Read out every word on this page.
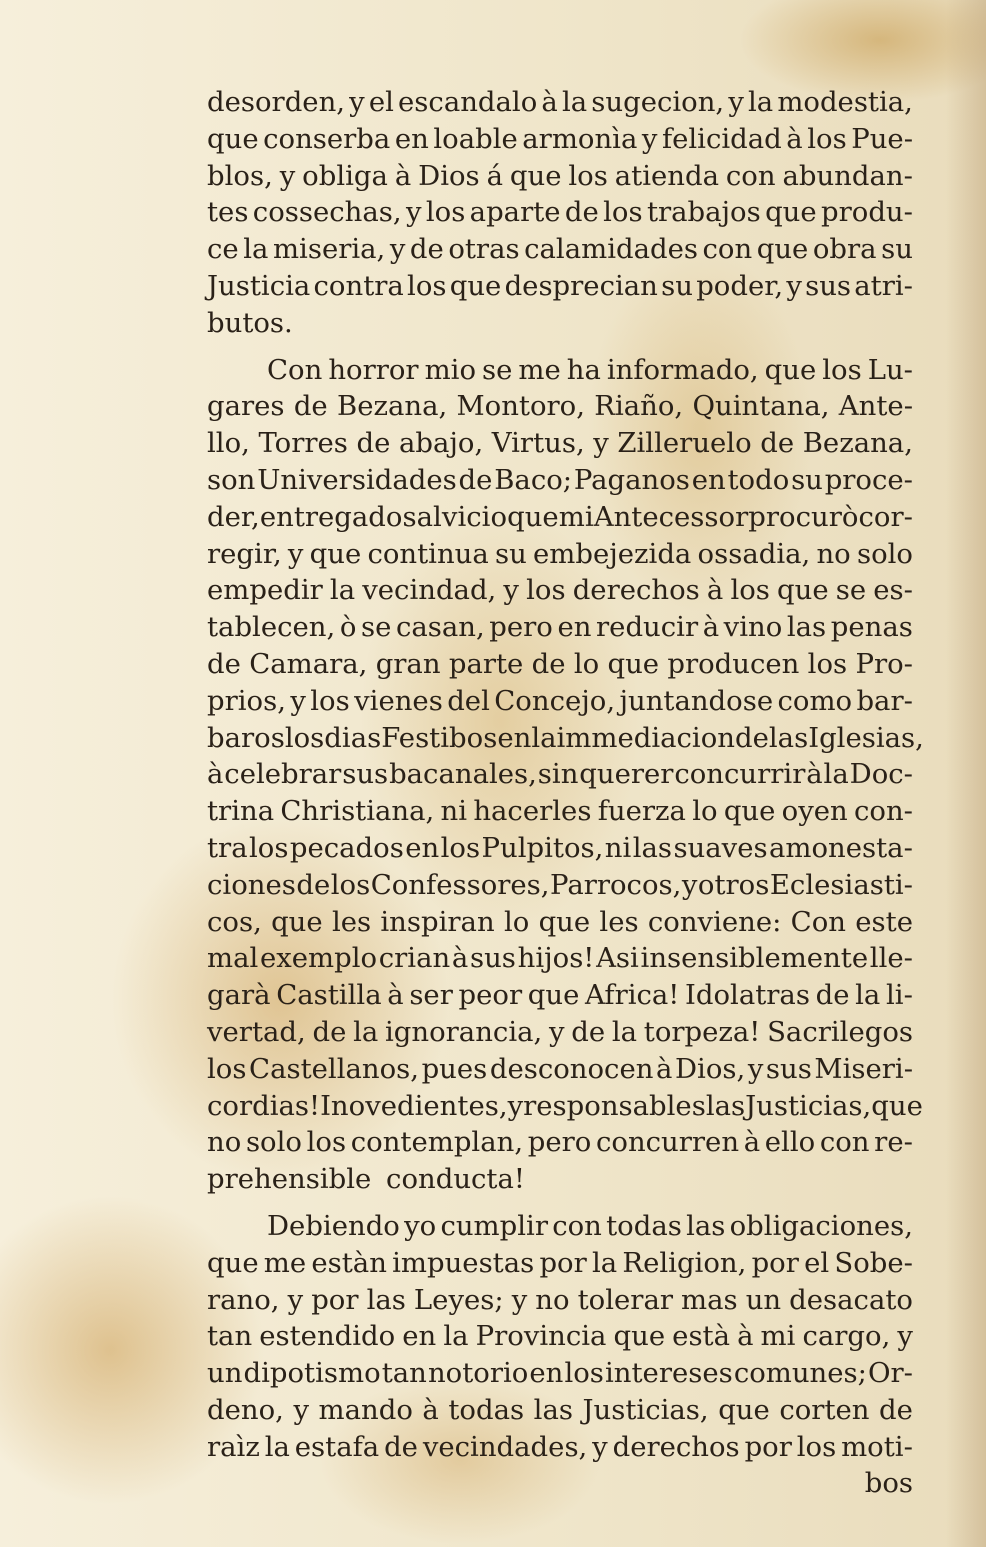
desorden, y el escandalo à la sugecion, y la modestia,
que conserba en loable armonìa y felicidad à los Pue-
blos, y obliga à Dios á que los atienda con abundan-
tes cossechas, y los aparte de los trabajos que produ-
ce la miseria, y de otras calamidades con que obra su
Justicia contra los que desprecian su poder, y sus atri-
butos.
Con horror mio se me ha informado, que los Lu-
gares de Bezana, Montoro, Riaño, Quintana, Ante-
llo, Torres de abajo, Virtus, y Zilleruelo de Bezana,
son Universidades de Baco; Paganos en todo su proce-
der, entregados al vicio que mi Antecessor procurò cor-
regir, y que continua su embejezida ossadia, no solo
empedir la vecindad, y los derechos à los que se es-
tablecen, ò se casan, pero en reducir à vino las penas
de Camara, gran parte de lo que producen los Pro-
prios, y los vienes del Concejo, juntandose como bar-
baros los dias Festibos en la immediacion de las Iglesias,
à celebrar sus bacanales, sin querer concurrir à la Doc-
trina Christiana, ni hacerles fuerza lo que oyen con-
tra los pecados en los Pulpitos, ni las suaves amonesta-
ciones de los Confessores, Parrocos, y otros Eclesiasti-
cos, que les inspiran lo que les conviene: Con este
mal exemplo crian à sus hijos! Asi insensiblemente lle-
garà Castilla à ser peor que Africa! Idolatras de la li-
vertad, de la ignorancia, y de la torpeza! Sacrilegos
los Castellanos, pues desconocen à Dios, y sus Miseri-
cordias! Inovedientes, y responsables las Justicias, que
no solo los contemplan, pero concurren à ello con re-
prehensible conducta!
Debiendo yo cumplir con todas las obligaciones,
que me estàn impuestas por la Religion, por el Sobe-
rano, y por las Leyes; y no tolerar mas un desacato
tan estendido en la Provincia que està à mi cargo, y
un dipotismo tan notorio en los intereses comunes; Or-
deno, y mando à todas las Justicias, que corten de
raìz la estafa de vecindades, y derechos por los moti-
bos
